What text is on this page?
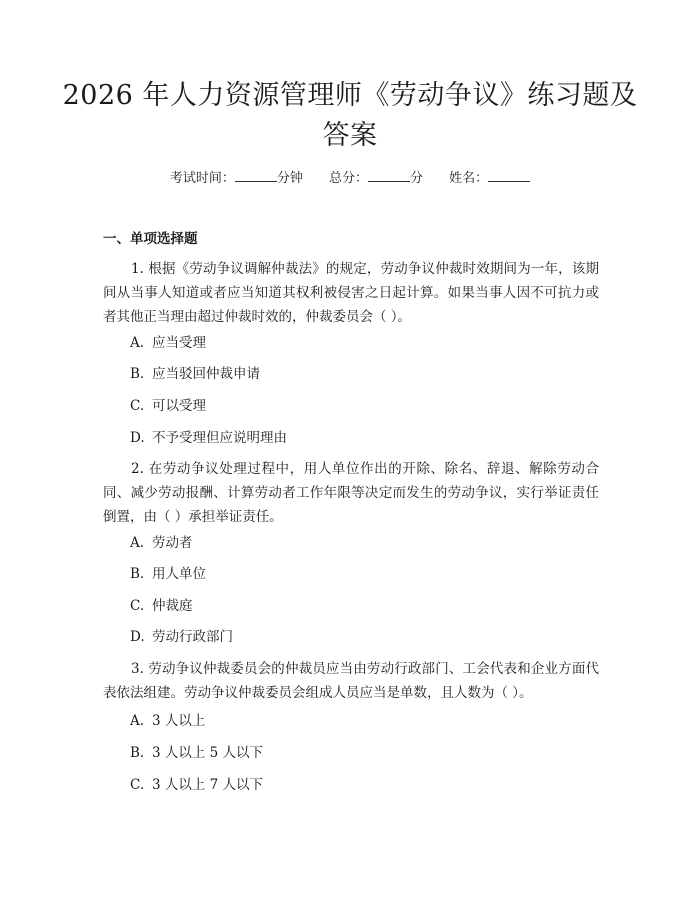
2026 年人力资源管理师《劳动争议》练习题及答案
考试时间：	分钟 总分：	分 姓名：
一、单项选择题

1. 根据《劳动争议调解仲裁法》的规定，劳动争议仲裁时效期间为一年，该期间从当事人知道或者应当知道其权利被侵害之日起计算。如果当事人因不可抗力或者其他正当理由超过仲裁时效的，仲裁委员会（ ）。

A. 应当受理
B. 应当驳回仲裁申请
C. 可以受理
D. 不予受理但应说明理由

2. 在劳动争议处理过程中，用人单位作出的开除、除名、辞退、解除劳动合同、减少劳动报酬、计算劳动者工作年限等决定而发生的劳动争议，实行举证责任倒置，由（ ）承担举证责任。

A. 劳动者
B. 用人单位
C. 仲裁庭
D. 劳动行政部门

3. 劳动争议仲裁委员会的仲裁员应当由劳动行政部门、工会代表和企业方面代表依法组建。劳动争议仲裁委员会组成人员应当是单数，且人数为（ ）。

A. 3 人以上
B. 3 人以上 5 人以下
C. 3 人以上 7 人以下
